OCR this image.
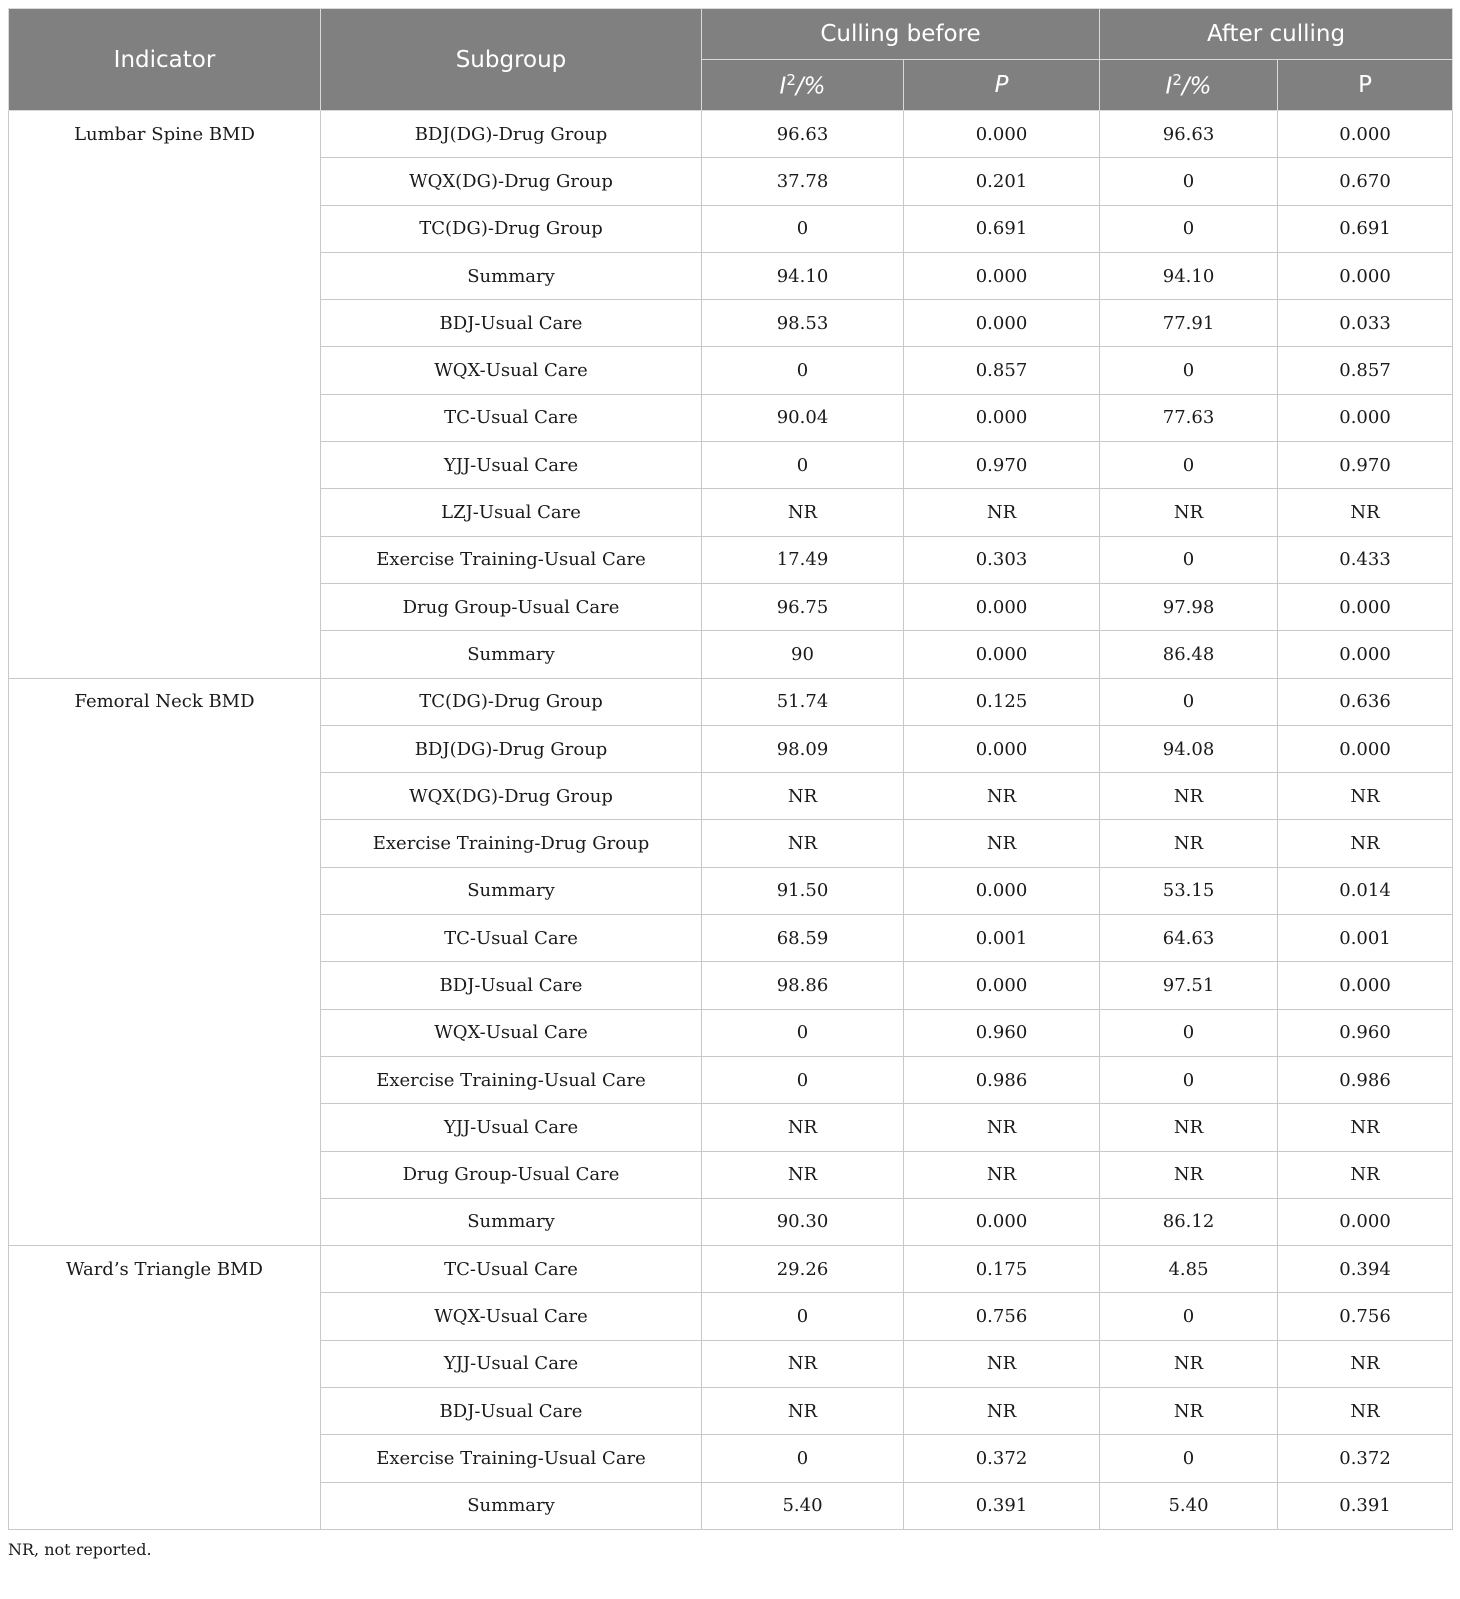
Indicator	Subgroup	Culling before		After culling	
		$I^2/\%$	P	$I^2/\%$	P
Lumbar Spine BMD	BDJ(DG)-Drug Group	96.63	0.000	96.63	0.000
	WQX(DG)-Drug Group	37.78	0.201	0	0.670
	TC(DG)-Drug Group	0	0.691	0	0.691
	Summary	94.10	0.000	94.10	0.000
	BDJ-Usual Care	98.53	0.000	77.91	0.033
	WQX-Usual Care	0	0.857	0	0.857
	TC-Usual Care	90.04	0.000	77.63	0.000
	YJJ-Usual Care	0	0.970	0	0.970
	LZJ-Usual Care	NR	NR	NR	NR
	Exercise Training-Usual Care	17.49	0.303	0	0.433
	Drug Group-Usual Care	96.75	0.000	97.98	0.000
	Summary	90	0.000	86.48	0.000
Femoral Neck BMD	TC(DG)-Drug Group	51.74	0.125	0	0.636
	BDJ(DG)-Drug Group	98.09	0.000	94.08	0.000
	WQX(DG)-Drug Group	NR	NR	NR	NR
	Exercise Training-Drug Group	NR	NR	NR	NR
	Summary	91.50	0.000	53.15	0.014
	TC-Usual Care	68.59	0.001	64.63	0.001
	BDJ-Usual Care	98.86	0.000	97.51	0.000
	WQX-Usual Care	0	0.960	0	0.960
	Exercise Training-Usual Care	0	0.986	0	0.986
	YJJ-Usual Care	NR	NR	NR	NR
	Drug Group-Usual Care	NR	NR	NR	NR
	Summary	90.30	0.000	86.12	0.000
Ward’s Triangle BMD	TC-Usual Care	29.26	0.175	4.85	0.394
	WQX-Usual Care	0	0.756	0	0.756
	YJJ-Usual Care	NR	NR	NR	NR
	BDJ-Usual Care	NR	NR	NR	NR
	Exercise Training-Usual Care	0	0.372	0	0.372
	Summary	5.40	0.391	5.40	0.391
NR, not reported.
